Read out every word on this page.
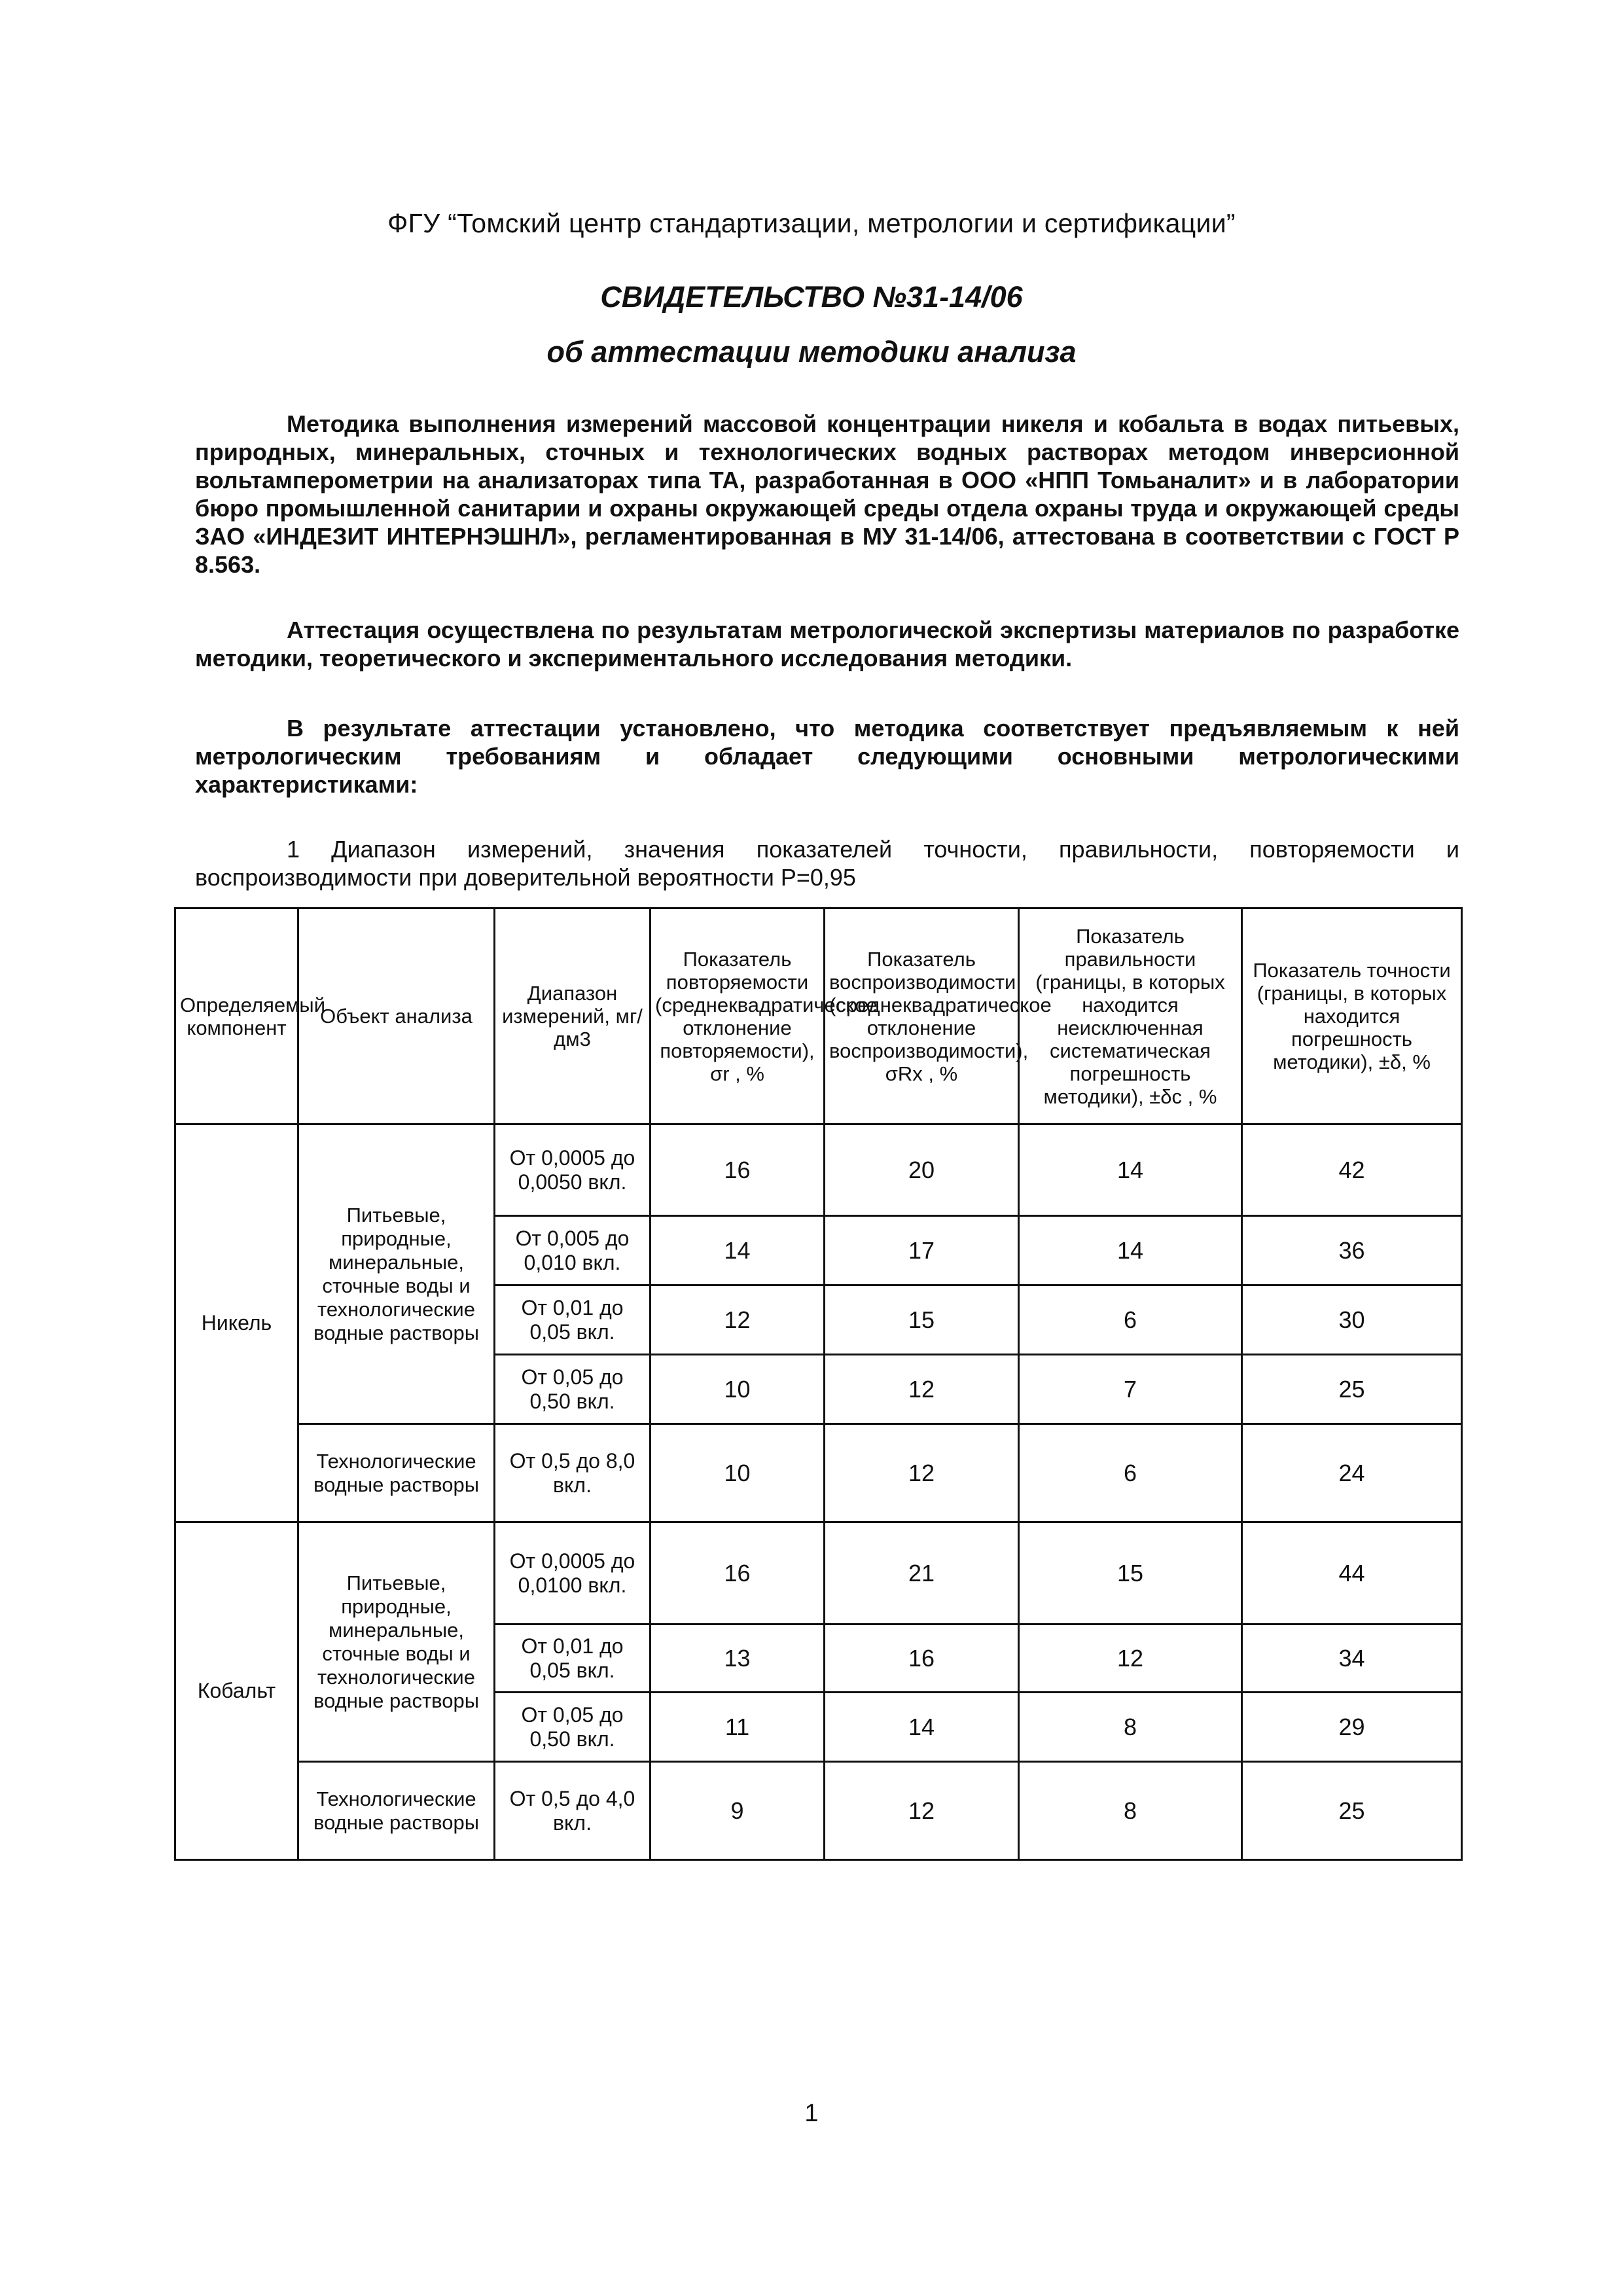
ФГУ “Томский центр стандартизации, метрологии и сертификации”
СВИДЕТЕЛЬСТВО №31-14/06
об аттестации методики анализа

Методика выполнения измерений массовой концентрации никеля и кобальта в водах питьевых, природных, минеральных, сточных и технологических водных растворах методом инверсионной вольтамперометрии на анализаторах типа ТА, разработанная в ООО «НПП Томьаналит» и в лаборатории бюро промышленной санитарии и охраны окружающей среды отдела охраны труда и окружающей среды ЗАО «ИНДЕЗИТ ИНТЕРНЭШНЛ», регламентированная в МУ 31-14/06, аттестована в соответствии с ГОСТ Р 8.563.

Аттестация осуществлена по результатам метрологической экспертизы материалов по разработке методики, теоретического и экспериментального исследования методики.

В результате аттестации установлено, что методика соответствует предъявляемым к ней метрологическим требованиям и обладает следующими основными метрологическими характеристиками:

1 Диапазон измерений, значения показателей точности, правильности, повторяемости и воспроизводимости при доверительной вероятности P=0,95

Определяемый компонент	Объект анализа	Диапазон измерений, мг/дм3	Показатель повторяемости (среднеквадратическое отклонение повторяемости), σr , %	Показатель воспроизводимости (среднеквадратическое отклонение воспроизводимости), σRx , %	Показатель правильности (границы, в которых находится неисключенная систематическая погрешность методики), ±δc , %	Показатель точности (границы, в которых находится погрешность методики), ±δ, %
Никель	Питьевые, природные, минеральные, сточные воды и технологические водные растворы	От 0,0005 до 0,0050 вкл.	16	20	14	42
		От 0,005 до 0,010 вкл.	14	17	14	36
		От 0,01 до 0,05 вкл.	12	15	6	30
		От 0,05 до 0,50 вкл.	10	12	7	25
	Технологические водные растворы	От 0,5 до 8,0 вкл.	10	12	6	24
Кобальт	Питьевые, природные, минеральные, сточные воды и технологические водные растворы	От 0,0005 до 0,0100 вкл.	16	21	15	44
		От 0,01 до 0,05 вкл.	13	16	12	34
		От 0,05 до 0,50 вкл.	11	14	8	29
	Технологические водные растворы	От 0,5 до 4,0 вкл.	9	12	8	25
1
